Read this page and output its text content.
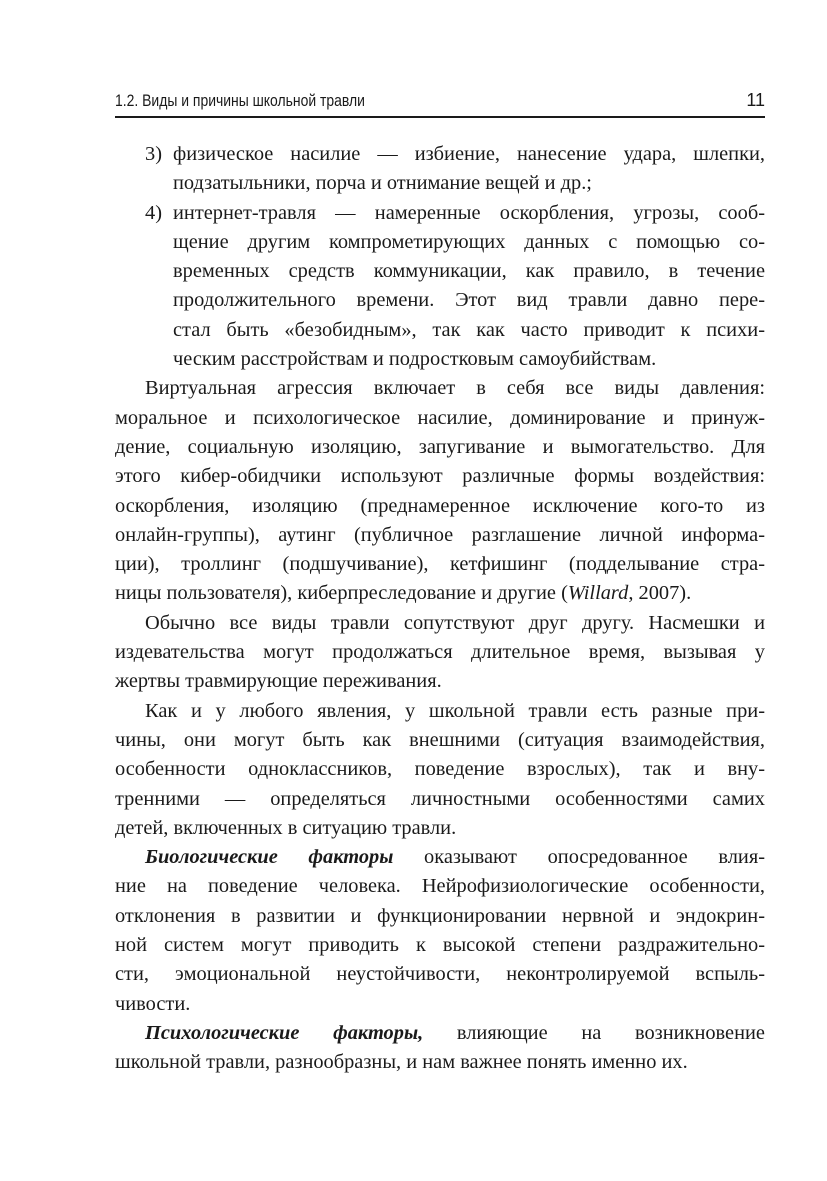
1.2. Виды и причины школьной травли	11
3) физическое насилие — избиение, нанесение удара, шлепки,
подзатыльники, порча и отнимание вещей и др.;
4) интернет-травля — намеренные оскорбления, угрозы, сооб-
щение другим компрометирующих данных с помощью со-
временных средств коммуникации, как правило, в течение
продолжительного времени. Этот вид травли давно пере-
стал быть «безобидным», так как часто приводит к психи-
ческим расстройствам и подростковым самоубийствам.
Виртуальная агрессия включает в себя все виды давления:
моральное и психологическое насилие, доминирование и принуж-
дение, социальную изоляцию, запугивание и вымогательство. Для
этого кибер-обидчики используют различные формы воздействия:
оскорбления, изоляцию (преднамеренное исключение кого-то из
онлайн-группы), аутинг (публичное разглашение личной информа-
ции), троллинг (подшучивание), кетфишинг (подделывание стра-
ницы пользователя), киберпреследование и другие (Willard, 2007).
Обычно все виды травли сопутствуют друг другу. Насмешки и
издевательства могут продолжаться длительное время, вызывая у
жертвы травмирующие переживания.
Как и у любого явления, у школьной травли есть разные при-
чины, они могут быть как внешними (ситуация взаимодействия,
особенности одноклассников, поведение взрослых), так и вну-
тренними — определяться личностными особенностями самих
детей, включенных в ситуацию травли.
Биологические факторы оказывают опосредованное влия-
ние на поведение человека. Нейрофизиологические особенности,
отклонения в развитии и функционировании нервной и эндокрин-
ной систем могут приводить к высокой степени раздражительно-
сти, эмоциональной неустойчивости, неконтролируемой вспыль-
чивости.
Психологические факторы, влияющие на возникновение
школьной травли, разнообразны, и нам важнее понять именно их.
